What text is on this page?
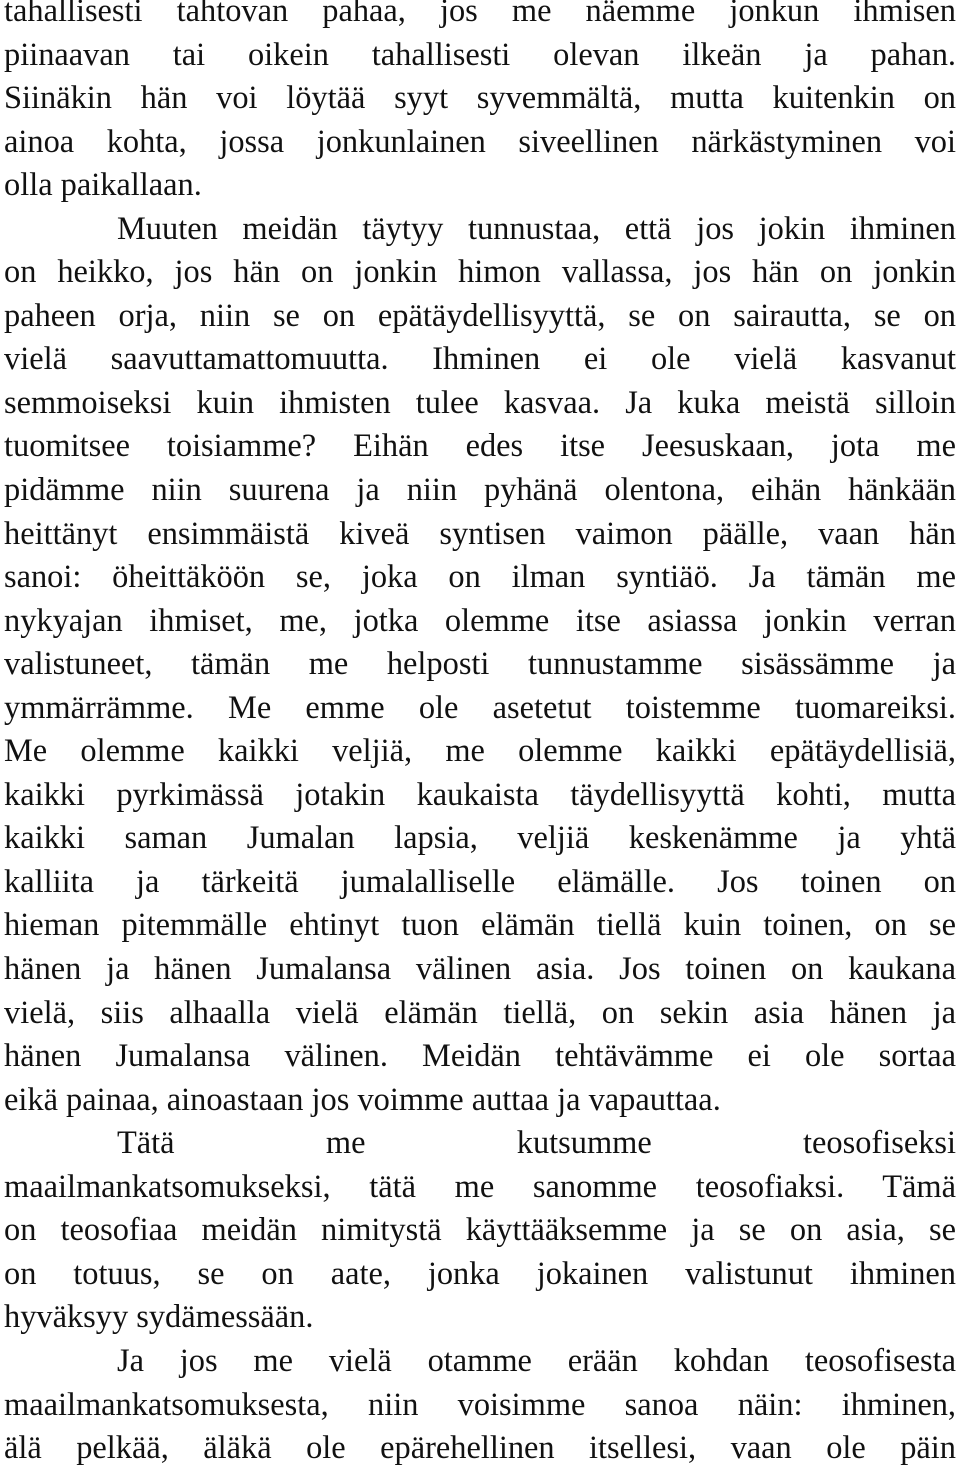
tahallisesti tahtovan pahaa, jos me näemme jonkun ihmisen
piinaavan tai oikein tahallisesti olevan ilkeän ja pahan.
Siinäkin hän voi löytää syyt syvemmältä, mutta kuitenkin on
ainoa kohta, jossa jonkunlainen siveellinen närkästyminen voi
olla paikallaan.
Muuten meidän täytyy tunnustaa, että jos jokin ihminen
on heikko, jos hän on jonkin himon vallassa, jos hän on jonkin
paheen orja, niin se on epätäydellisyyttä, se on sairautta, se on
vielä saavuttamattomuutta. Ihminen ei ole vielä kasvanut
semmoiseksi kuin ihmisten tulee kasvaa. Ja kuka meistä silloin
tuomitsee toisiamme? Eihän edes itse Jeesuskaan, jota me
pidämme niin suurena ja niin pyhänä olentona, eihän hänkään
heittänyt ensimmäistä kiveä syntisen vaimon päälle, vaan hän
sanoi: öheittäköön se, joka on ilman syntiäö. Ja tämän me
nykyajan ihmiset, me, jotka olemme itse asiassa jonkin verran
valistuneet, tämän me helposti tunnustamme sisässämme ja
ymmärrämme. Me emme ole asetetut toistemme tuomareiksi.
Me olemme kaikki veljiä, me olemme kaikki epätäydellisiä,
kaikki pyrkimässä jotakin kaukaista täydellisyyttä kohti, mutta
kaikki saman Jumalan lapsia, veljiä keskenämme ja yhtä
kalliita ja tärkeitä jumalalliselle elämälle. Jos toinen on
hieman pitemmälle ehtinyt tuon elämän tiellä kuin toinen, on se
hänen ja hänen Jumalansa välinen asia. Jos toinen on kaukana
vielä, siis alhaalla vielä elämän tiellä, on sekin asia hänen ja
hänen Jumalansa välinen. Meidän tehtävämme ei ole sortaa
eikä painaa, ainoastaan jos voimme auttaa ja vapauttaa.
Tätä me kutsumme teosofiseksi
maailmankatsomukseksi, tätä me sanomme teosofiaksi. Tämä
on teosofiaa meidän nimitystä käyttääksemme ja se on asia, se
on totuus, se on aate, jonka jokainen valistunut ihminen
hyväksyy sydämessään.
Ja jos me vielä otamme erään kohdan teosofisesta
maailmankatsomuksesta, niin voisimme sanoa näin: ihminen,
älä pelkää, äläkä ole epärehellinen itsellesi, vaan ole päin
